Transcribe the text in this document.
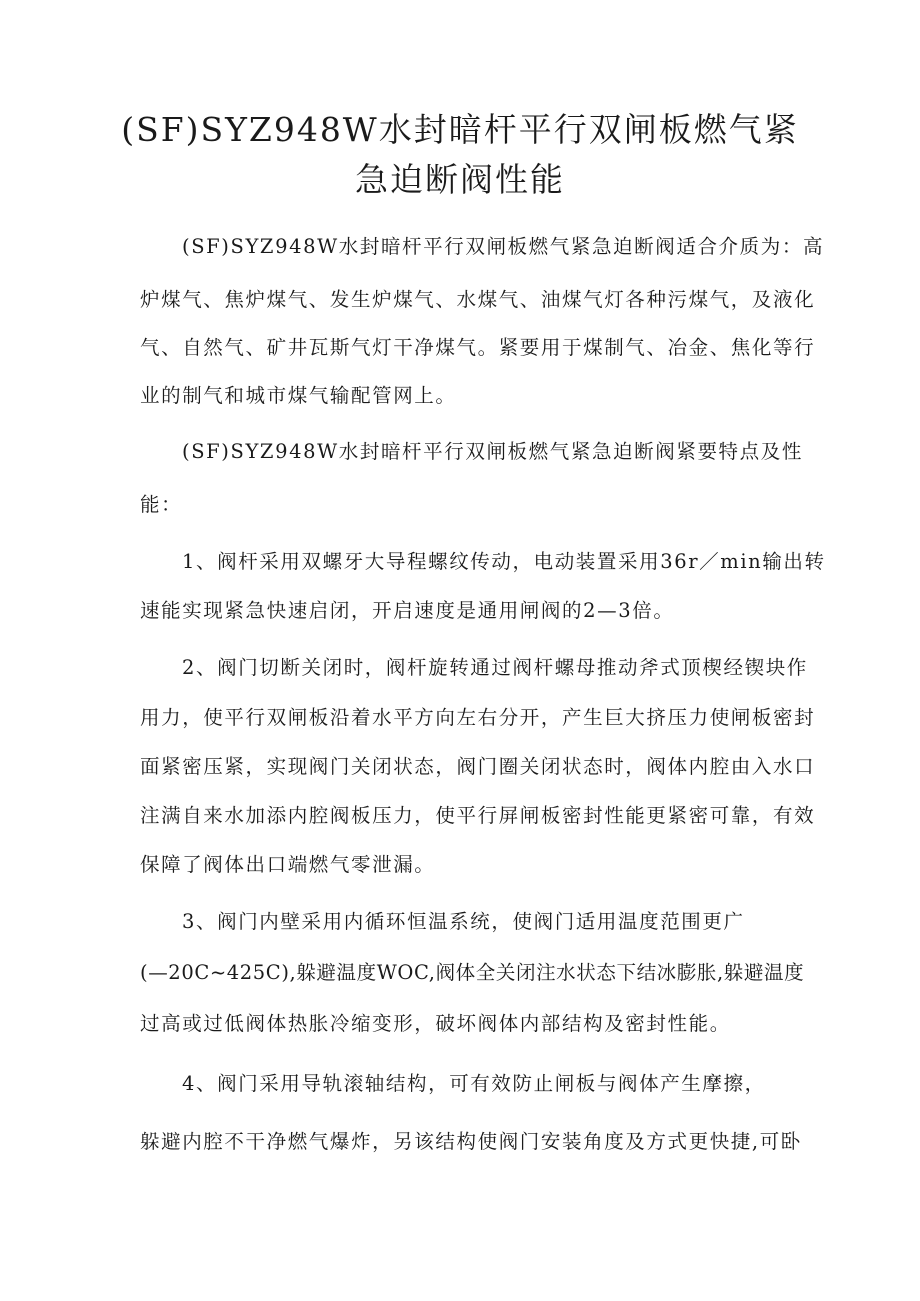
(SF)SYZ948W水封暗杆平行双闸板燃气紧
急迫断阀性能

(SF)SYZ948W水封暗杆平行双闸板燃气紧急迫断阀适合介质为：高

炉煤气、焦炉煤气、发生炉煤气、水煤气、油煤气灯各种污煤气，及液化

气、自然气、矿井瓦斯气灯干净煤气。紧要用于煤制气、冶金、焦化等行

业的制气和城市煤气输配管网上。

(SF)SYZ948W水封暗杆平行双闸板燃气紧急迫断阀紧要特点及性

能：

1、阀杆采用双螺牙大导程螺纹传动，电动装置采用36r／min输出转

速能实现紧急快速启闭，开启速度是通用闸阀的2—3倍。

2、阀门切断关闭时，阀杆旋转通过阀杆螺母推动斧式顶楔经锲块作

用力，使平行双闸板沿着水平方向左右分开，产生巨大挤压力使闸板密封

面紧密压紧，实现阀门关闭状态，阀门圈关闭状态时，阀体内腔由入水口

注满自来水加添内腔阀板压力，使平行屏闸板密封性能更紧密可靠，有效

保障了阀体出口端燃气零泄漏。

3、阀门内壁采用内循环恒温系统，使阀门适用温度范围更广

(—20C~425C),躲避温度WOC,阀体全关闭注水状态下结冰膨胀,躲避温度

过高或过低阀体热胀冷缩变形，破坏阀体内部结构及密封性能。

4、阀门采用导轨滚轴结构，可有效防止闸板与阀体产生摩擦，

躲避内腔不干净燃气爆炸，另该结构使阀门安装角度及方式更快捷,可卧
